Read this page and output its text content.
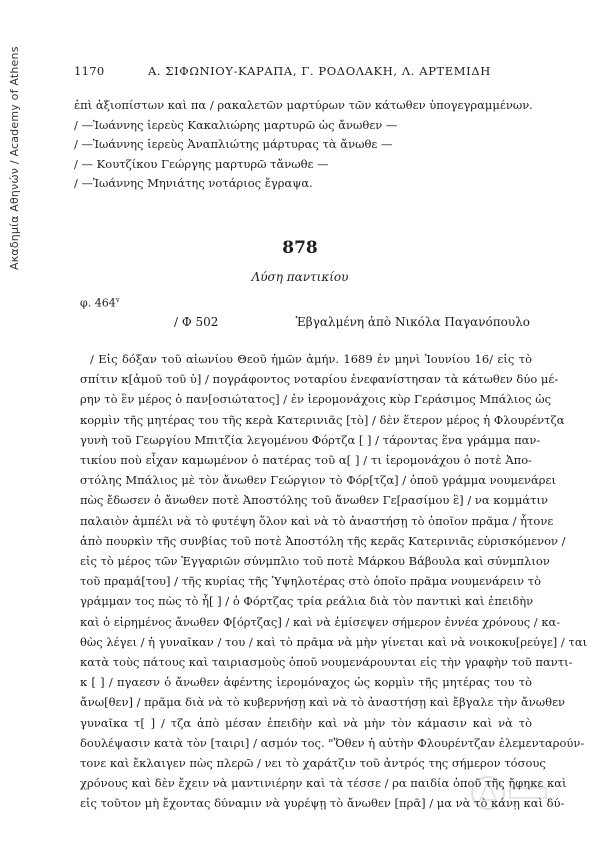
Ακαδημία Αθηνών / Academy of Athens	1170	Α. ΣΙΦΩΝΙΟΥ-ΚΑΡΑΠΑ, Γ. ΡΟΔΟΛΑΚΗ, Λ. ΑΡΤΕΜΙΔΗ
ἐπὶ ἀξιοπίστων καὶ πα / ρακαλετῶν μαρτύρων τῶν κάτωθεν ὑπογεγραμμένων.
/ —Ἰωάννης ἱερεὺς Κακαλιώρης μαρτυρῶ ὡς ἄνωθεν —
/ —Ἰωάννης ἱερεὺς Ἀναπλιώτης μάρτυρας τὰ ἄνωθε —
/ — Κουτζίκου Γεώργης μαρτυρῶ τἄνωθε —
/ —Ἰωάννης Μηνιάτης νοτάριος ἔγραψα.
878
Λύση παντικίου
φ. 464$^v$
/ Φ 502	Ἐβγαλμένη ἀπὸ Νικόλα Παγανόπουλο
/ Εἰς δόξαν τοῦ αἰωνίου Θεοῦ ἡμῶν ἀμήν. 1689 ἐν μηνὶ Ἰουνίου 16/ εἰς τὸ
σπίτιν κ[ἀμοῦ τοῦ ὑ] / πογράφοντος νοταρίου ἐνεφανίστησαν τὰ κάτωθεν δύο μέ-
ρην τὸ ἓν μέρος ὁ παν[οσιώτατος] / ἐν ἱερομονάχοις κὺρ Γεράσιμος Μπάλιος ὡς
κορμὶν τῆς μητέρας του τῆς κερὰ Κατερινιᾶς [τὸ] / δὲν ἕτερον μέρος ἡ Φλουρέντζα
γυνὴ τοῦ Γεωργίου Μπιτζία λεγομένου Φόρτζα [ ] / τάροντας ἕνα γράμμα παν-
τικίου ποὺ εἶχαν καμωμένον ὁ πατέρας τοῦ α[ ] / τι ἱερομονάχου ὁ ποτὲ Ἀπο-
στόλης Μπάλιος μὲ τὸν ἄνωθεν Γεώργιον τὸ Φόρ[τζα] / ὁποῦ γράμμα νουμενάρει
πὼς ἔδωσεν ὁ ἄνωθεν ποτὲ Ἀποστόλης τοῦ ἄνωθεν Γε[ρασίμου ἓ] / να κομμάτιν
παλαιὸν ἀμπέλι νὰ τὸ φυτέψη ὅλον καὶ νὰ τὸ ἀναστήσῃ τὸ ὁποῖον πρᾶμα / ἧτονε
ἀπὸ πουρκὶν τῆς συνβίας τοῦ ποτὲ Ἀποστόλη τῆς κερᾶς Κατερινιᾶς εὑρισκόμενον /
εἰς τὸ μέρος τῶν Ἐγγαριῶν σύνμπλιο τοῦ ποτὲ Μάρκου Βάβουλα καὶ σύνμπλιον
τοῦ πραμά[του] / τῆς κυρίας τῆς Ὑψηλοτέρας στὸ ὁποῖο πρᾶμα νουμενάρειν τὸ
γράμμαν τος πὼς τὸ ἧ[ ] / ὁ Φόρτζας τρία ρεάλια διὰ τὸν παντικὶ καὶ ἐπειδὴν
καὶ ὁ εἰρημένος ἄνωθεν Φ[όρτζας] / καὶ νὰ ἐμίσεψεν σήμερον ἐννέα χρόνους / κα-
θὼς λέγει / ἡ γυναῖκαν / του / καὶ τὸ πρᾶμα νὰ μὴν γίνεται καὶ νὰ νοικοκυ[ρεύγε] / ται
κατὰ τοὺς πάτους καὶ ταιριασμοὺς ὁποῦ νουμενάρουνται εἰς τὴν γραφὴν τοῦ παντι-
κ [ ] / πγαεσν ὁ ἄνωθεν ἀφέντης ἱερομόναχος ὡς κορμὶν τῆς μητέρας του τὸ
ἄνω[θεν] / πρᾶμα διὰ νὰ τὸ κυβερνήσῃ καὶ νὰ τὸ ἀναστήσῃ καὶ ἔβγαλε τὴν ἄνωθεν
γυναῖκα τ[ ] / τζα ἀπὸ μέσαν ἐπειδὴν καὶ νὰ μὴν τὸν κάμασιν καὶ νὰ τὸ
δουλέψασιν κατὰ τὸν [ταιρι] / ασμόν τος. "Ὅθεν ἡ αὐτὴν Φλουρέντζαν ἐλεμενταρούν-
τονε καὶ ἔκλαιγεν πὼς πλερῶ / νει τὸ χαράτζιν τοῦ ἀντρός της σήμερον τόσους
χρόνους καὶ δὲν ἔχειν νὰ μαντινιέρην καὶ τὰ τέσσε / ρα παιδία ὁποῦ τῆς ἤφηκε καὶ
εἰς τοῦτον μὴ ἔχοντας δύναμιν νὰ γυρέψῃ τὸ ἄνωθεν [πρᾶ] / μα νὰ τὸ κάνῃ καὶ δύ-
